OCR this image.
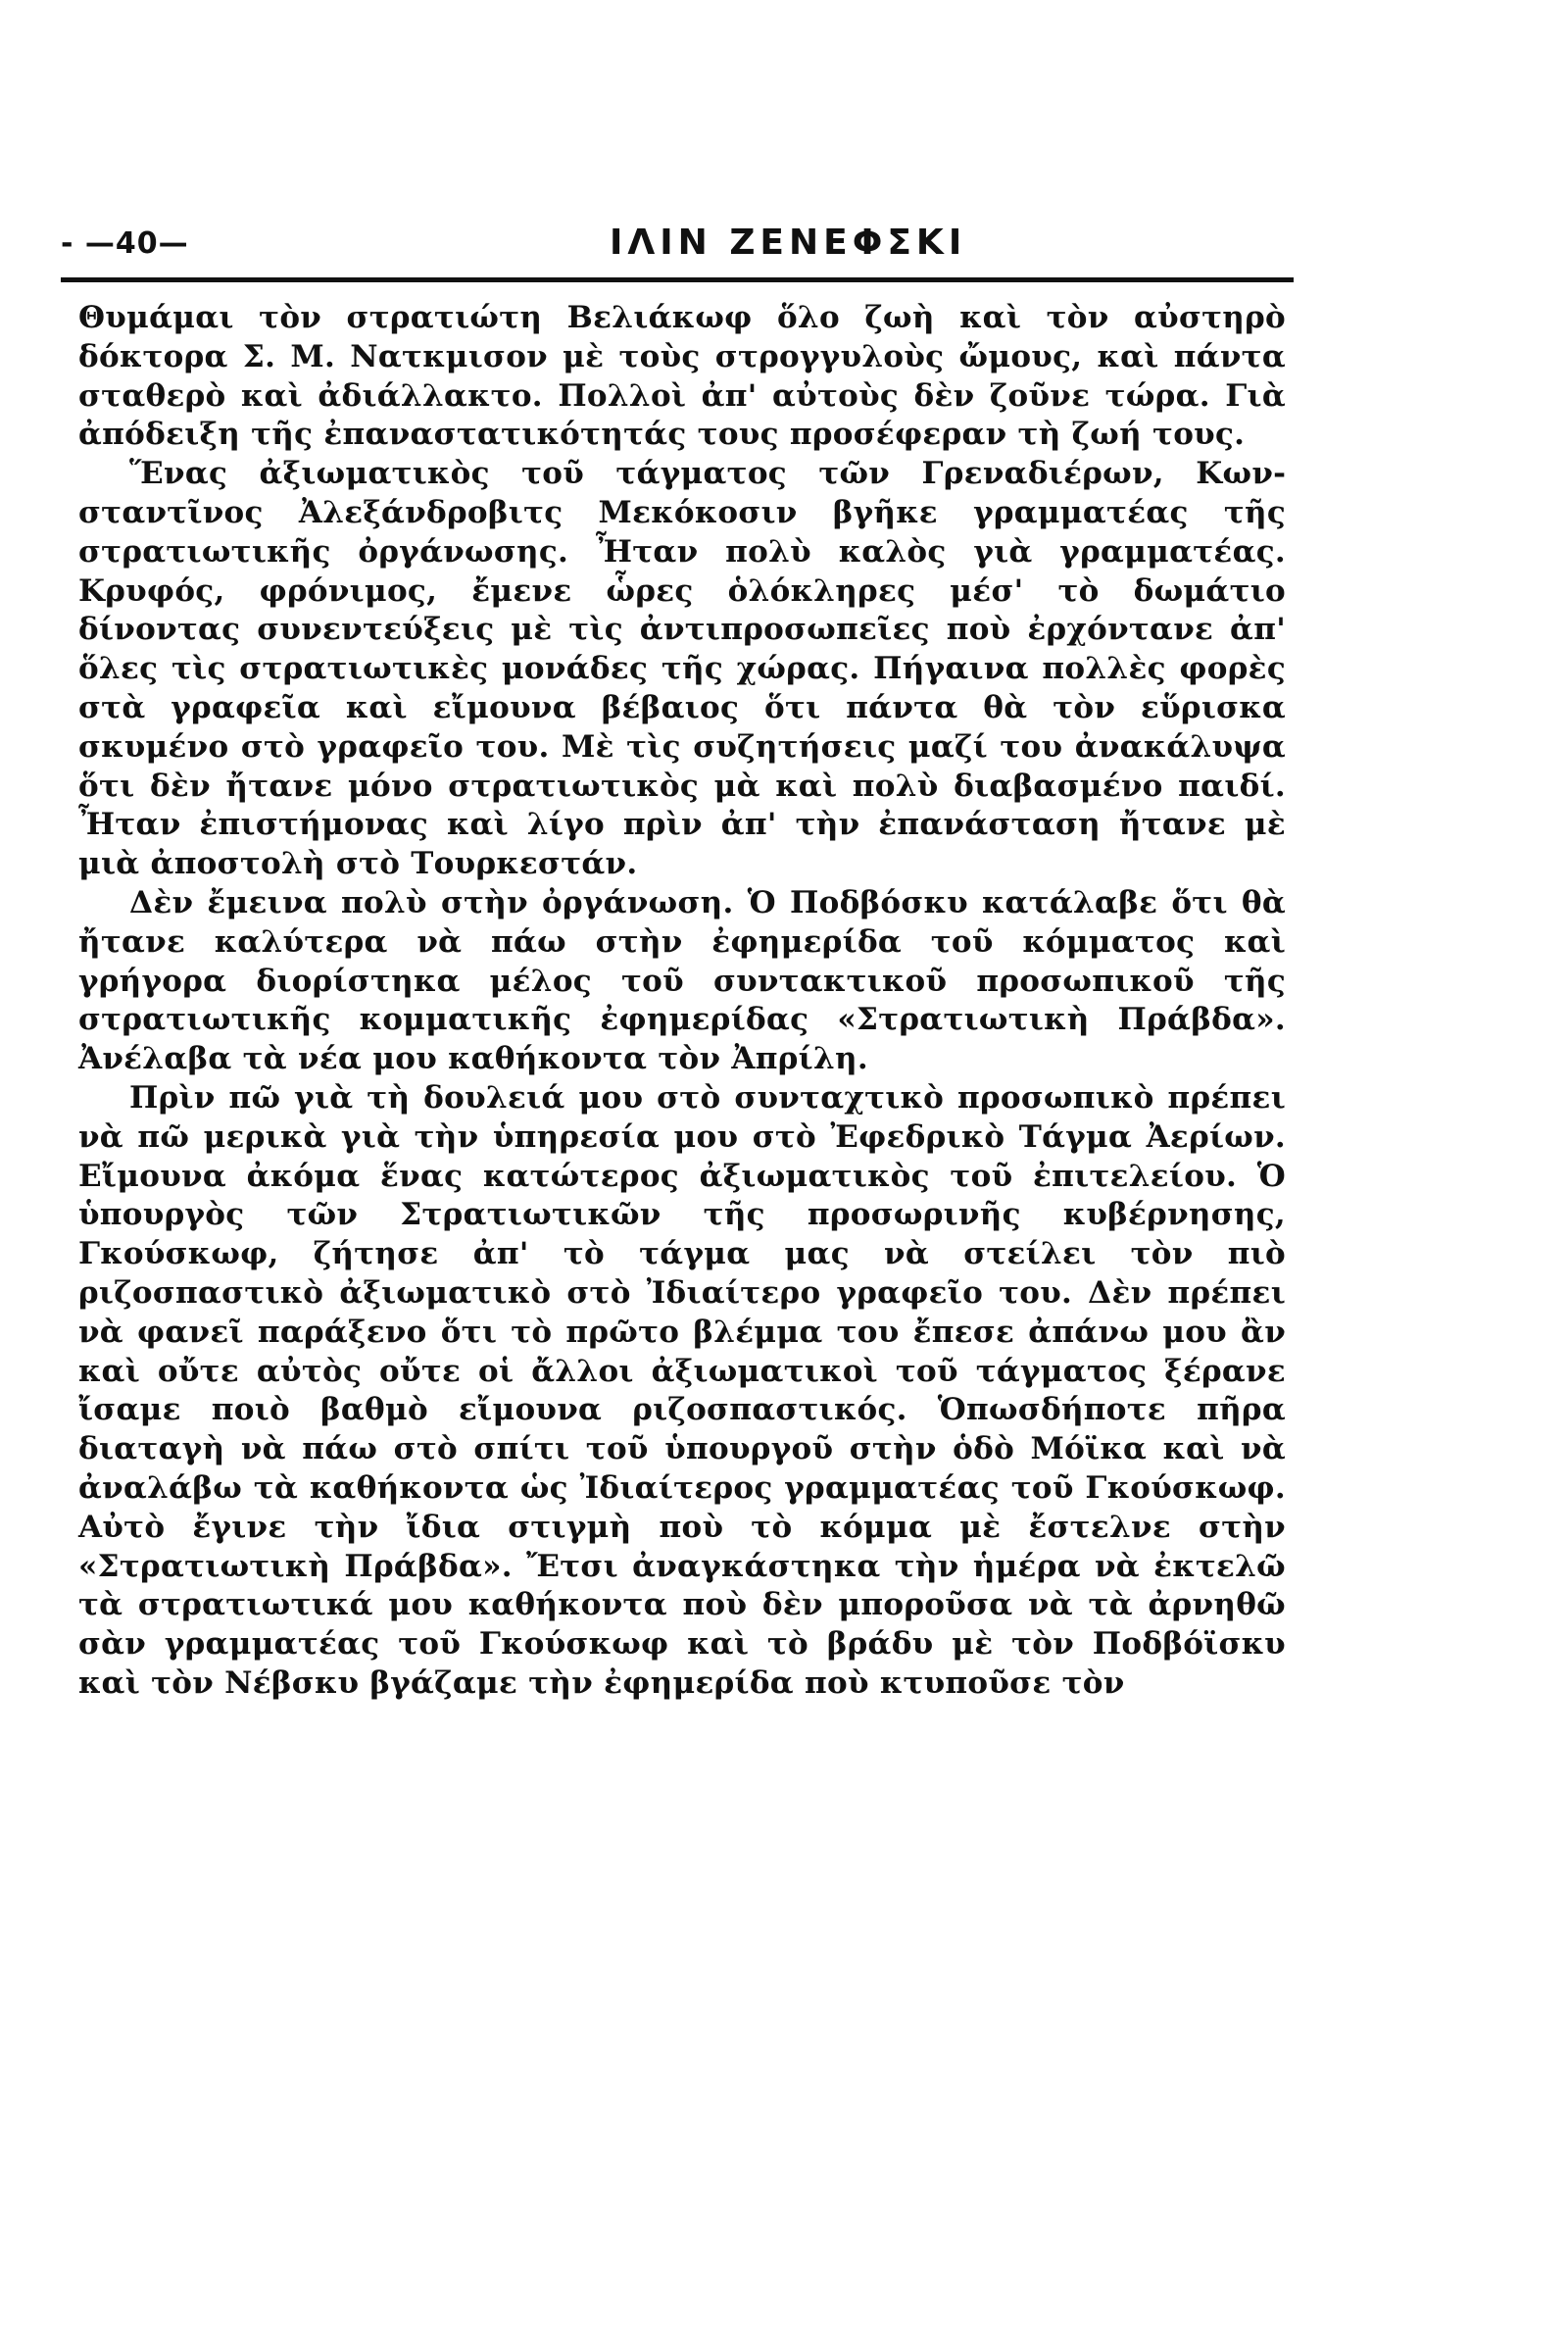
- —40—	ΙΛΙΝ ΖΕΝΕΦΣΚΙ

Θυμάμαι τὸν στρατιώτη Βελιάκωφ ὅλο ζωὴ καὶ τὸν αὐστηρὸ δόκτορα Σ. Μ. Νατκμισον μὲ τοὺς στρογγυλοὺς ὤμους, καὶ πάντα σταθερὸ καὶ ἀδιάλλακτο. Πολλοὶ ἀπ' αὐτοὺς δὲν ζοῦνε τώρα. Γιὰ ἀπόδειξη τῆς ἐπαναστατικότητάς τους προσέφεραν τὴ ζωή τους.

Ἕνας ἀξιωματικὸς τοῦ τάγματος τῶν Γρεναδιέρων, Κωνσταντῖνος Ἀλεξάνδροβιτς Μεκόκοσιν βγῆκε γραμματέας τῆς στρατιωτικῆς ὀργάνωσης. Ἦταν πολὺ καλὸς γιὰ γραμματέας. Κρυφός, φρόνιμος, ἔμενε ὧρες ὁλόκληρες μέσ' τὸ δωμάτιο δίνοντας συνεντεύξεις μὲ τὶς ἀντιπροσωπεῖες ποὺ ἐρχόντανε ἀπ' ὅλες τὶς στρατιωτικὲς μονάδες τῆς χώρας. Πήγαινα πολλὲς φορὲς στὰ γραφεῖα καὶ εἴμουνα βέβαιος ὅτι πάντα θὰ τὸν εὕρισκα σκυμένο στὸ γραφεῖο του. Μὲ τὶς συζητήσεις μαζί του ἀνακάλυψα ὅτι δὲν ἤτανε μόνο στρατιωτικὸς μὰ καὶ πολὺ διαβασμένο παιδί. Ἦταν ἐπιστήμονας καὶ λίγο πρὶν ἀπ' τὴν ἐπανάσταση ἤτανε μὲ μιὰ ἀποστολὴ στὸ Τουρκεστάν.

Δὲν ἔμεινα πολὺ στὴν ὀργάνωση. Ὁ Ποδβόσκυ κατάλαβε ὅτι θὰ ἤτανε καλύτερα νὰ πάω στὴν ἐφημερίδα τοῦ κόμματος καὶ γρήγορα διορίστηκα μέλος τοῦ συντακτικοῦ προσωπικοῦ τῆς στρατιωτικῆς κομματικῆς ἐφημερίδας «Στρατιωτικὴ Πράβδα». Ἀνέλαβα τὰ νέα μου καθήκοντα τὸν Ἀπρίλη.

Πρὶν πῶ γιὰ τὴ δουλειά μου στὸ συνταχτικὸ προσωπικὸ πρέπει νὰ πῶ μερικὰ γιὰ τὴν ὑπηρεσία μου στὸ Ἐφεδρικὸ Τάγμα Ἀερίων. Εἴμουνα ἀκόμα ἕνας κατώτερος ἀξιωματικὸς τοῦ ἐπιτελείου. Ὁ ὑπουργὸς τῶν Στρατιωτικῶν τῆς προσωρινῆς κυβέρνησης, Γκούσκωφ, ζήτησε ἀπ' τὸ τάγμα μας νὰ στείλει τὸν πιὸ ριζοσπαστικὸ ἀξιωματικὸ στὸ Ἰδιαίτερο γραφεῖο του. Δὲν πρέπει νὰ φανεῖ παράξενο ὅτι τὸ πρῶτο βλέμμα του ἔπεσε ἀπάνω μου ἂν καὶ οὔτε αὐτὸς οὔτε οἱ ἄλλοι ἀξιωματικοὶ τοῦ τάγματος ξέρανε ἴσαμε ποιὸ βαθμὸ εἴμουνα ριζοσπαστικός. Ὁπωσδήποτε πῆρα διαταγὴ νὰ πάω στὸ σπίτι τοῦ ὑπουργοῦ στὴν ὁδὸ Μόϊκα καὶ νὰ ἀναλάβω τὰ καθήκοντα ὡς Ἰδιαίτερος γραμματέας τοῦ Γκούσκωφ. Αὐτὸ ἔγινε τὴν ἴδια στιγμὴ ποὺ τὸ κόμμα μὲ ἔστελνε στὴν «Στρατιωτικὴ Πράβδα». Ἔτσι ἀναγκάστηκα τὴν ἡμέρα νὰ ἐκτελῶ τὰ στρατιωτικά μου καθήκοντα ποὺ δὲν μποροῦσα νὰ τὰ ἀρνηθῶ σὰν γραμματέας τοῦ Γκούσκωφ καὶ τὸ βράδυ μὲ τὸν Ποδβόϊσκυ καὶ τὸν Νέβσκυ βγάζαμε τὴν ἐφημερίδα ποὺ κτυποῦσε τὸν
